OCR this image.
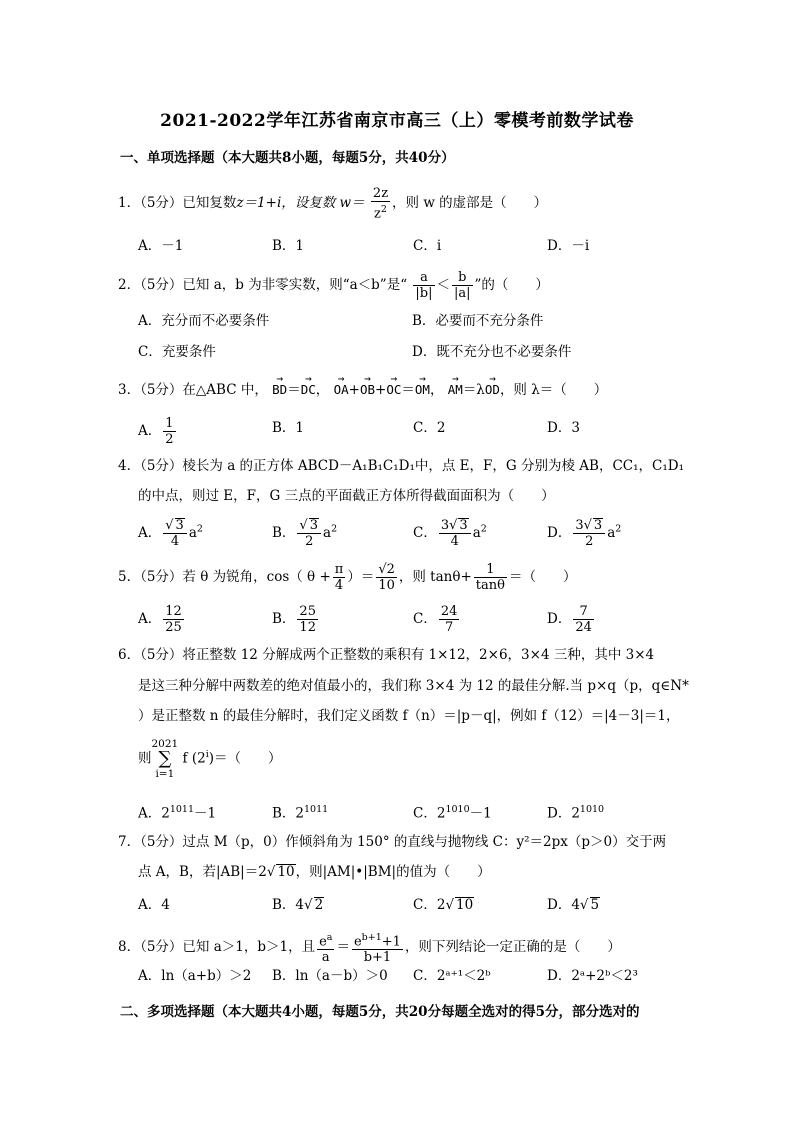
2021-2022学年江苏省南京市高三（上）零模考前数学试卷
一、单项选择题（本大题共8小题，每题5分，共40分）
1．（5分）已知复数z＝1+i，设复数 $w= \frac{2z}{z^2}$ ，则 w 的虚部是（　　）
A．－1	B．1	C．i	D．－i
2．（5分）已知 a，b 为非零实数，则“a＜b”是“ $\frac{a}{|b|} < \frac{b}{|a|}$ ”的（　　）
A．充分而不必要条件	B．必要而不充分条件
C．充要条件	D．既不充分也不必要条件
3．（5分）在△ABC 中， → BD＝→ DC， → OA+→ OB+→ OC＝→ OM， → AM＝λ→ OD，则 λ＝（　　）
A． $\frac{1}{2}$	B．1	C．2	D．3
4．（5分）棱长为 a 的正方体 ABCD－A₁B₁C₁D₁中，点 E，F，G 分别为棱 AB，CC₁，C₁D₁
的中点，则过 E，F，G 三点的平面截正方体所得截面面积为（　　）
A． √ $\frac{3}{4} a^2$	B． √ $\frac{3}{2} a^2$	C． $\frac{3 √ 3}{4} a^2$	D． $\frac{3 √ 3}{2} a^2$
5．（5分）若 θ 为锐角，cos（ $\theta + \frac{\pi}{4}$ ）＝ $\frac{√2}{10}$ ，则 $\tan\theta+ \frac{1}{\tan\theta}$ ＝（　　）
A． $\frac{12}{25}$	B． $\frac{25}{12}$	C． $\frac{24}{7}$	D． $\frac{7}{24}$
6．（5分）将正整数 12 分解成两个正整数的乘积有 1×12，2×6，3×4 三种，其中 3×4
是这三种分解中两数差的绝对值最小的，我们称 3×4 为 12 的最佳分解.当 p×q（p，q∈N*
）是正整数 n 的最佳分解时，我们定义函数 f（n）＝|p－q|，例如 f（12）＝|4－3|＝1，
则2021
∑
i=1 f $(2^i)=$（　　）
A．$2^{1011}-1$	B．$2^{1011}$	C．$2^{1010}-1$	D．$2^{1010}$
7．（5分）过点 M（p，0）作倾斜角为 150° 的直线与抛物线 C：y²＝2px（p＞0）交于两
点 A，B，若|AB|＝2 √ 10，则|AM|•|BM|的值为（　　）
A．4	B．4 √ 2	C．2 √ 10	D．4 √ 5
8．（5分）已知 a＞1，b＞1，且 $\frac{e^a}{a} = \frac{e^{b+1}+1}{b+1}$ ，则下列结论一定正确的是（　　）
A．ln（a+b）＞2 B．ln（a－b）＞0 C．2ᵃ⁺¹＜2ᵇ	D．2ᵃ+2ᵇ＜2³
二、多项选择题（本大题共4小题，每题5分，共20分每题全选对的得5分，部分选对的
